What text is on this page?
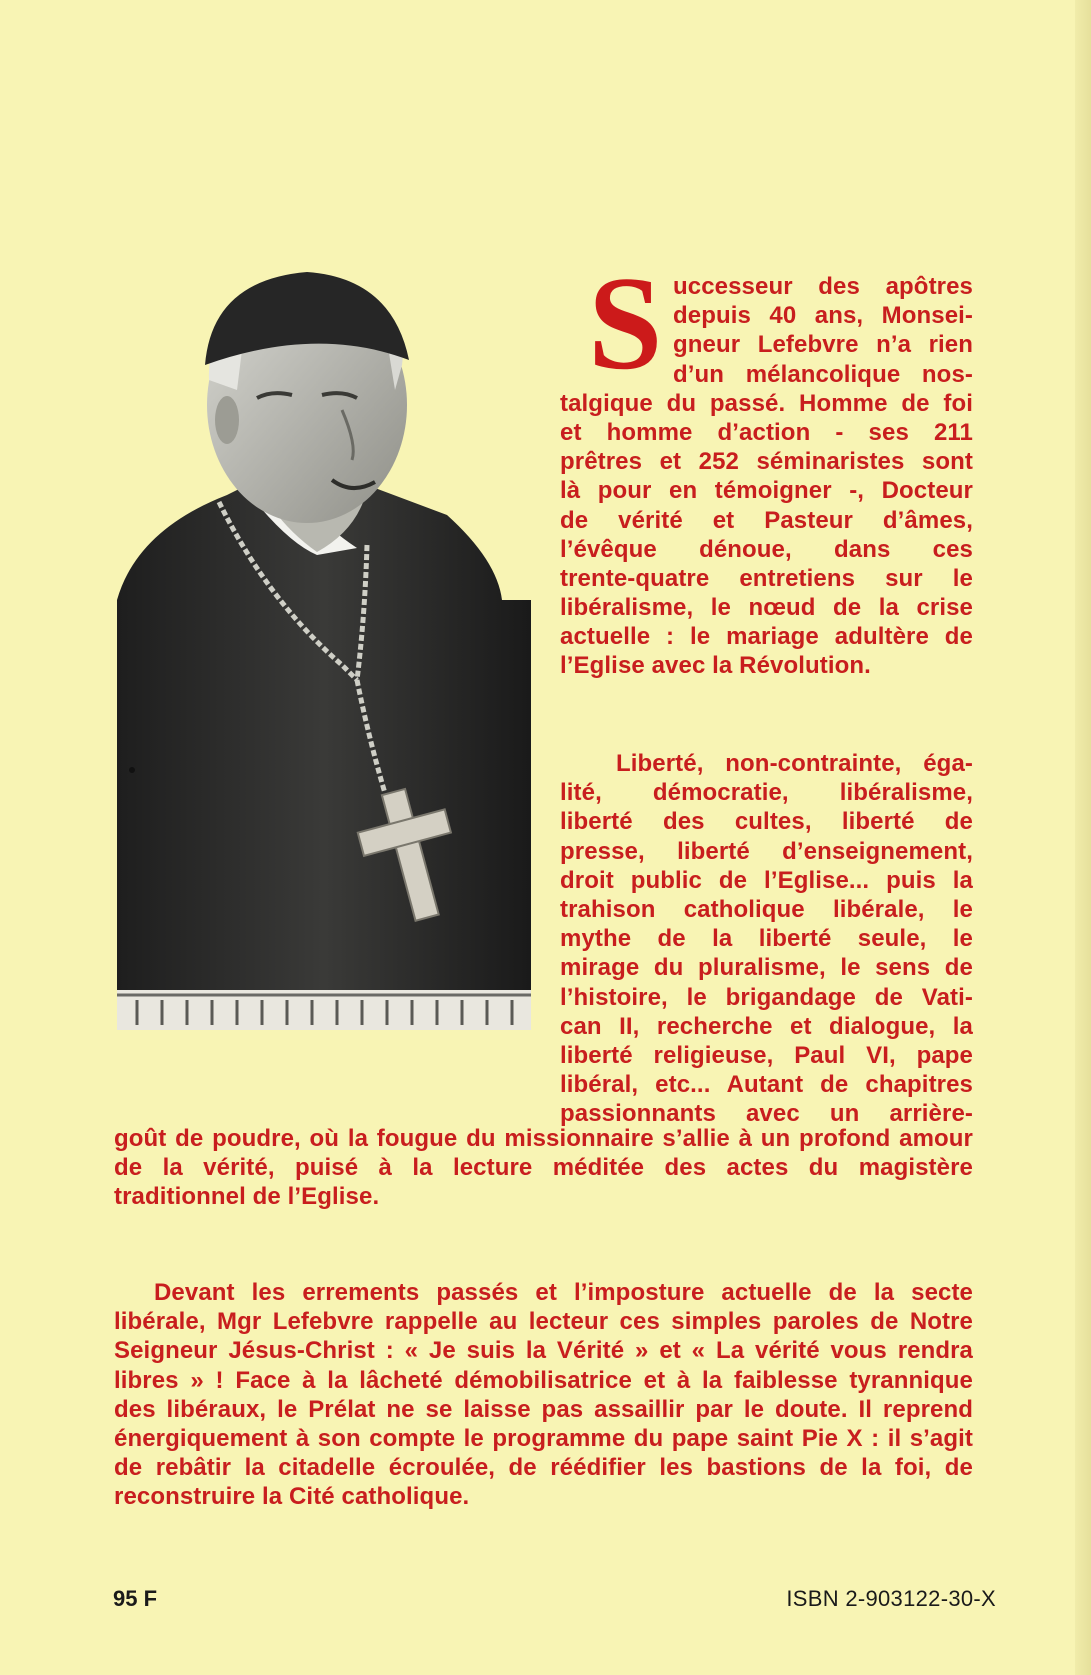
S uccesseur des apôtres
depuis 40 ans, Monsei-
gneur Lefebvre n’a rien
d’un mélancolique nos-
talgique du passé. Homme de foi
et homme d’action - ses 211
prêtres et 252 séminaristes sont
là pour en témoigner -, Docteur
de vérité et Pasteur d’âmes,
l’évêque dénoue, dans ces
trente-quatre entretiens sur le
libéralisme, le nœud de la crise
actuelle : le mariage adultère de
l’Eglise avec la Révolution.
Liberté, non-contrainte, éga-
lité, démocratie, libéralisme,
liberté des cultes, liberté de
presse, liberté d’enseignement,
droit public de l’Eglise... puis la
trahison catholique libérale, le
mythe de la liberté seule, le
mirage du pluralisme, le sens de
l’histoire, le brigandage de Vati-
can II, recherche et dialogue, la
liberté religieuse, Paul VI, pape
libéral, etc... Autant de chapitres
passionnants avec un arrière-
goût de poudre, où la fougue du missionnaire s’allie à un profond amour
de la vérité, puisé à la lecture méditée des actes du magistère
traditionnel de l’Eglise.
Devant les errements passés et l’imposture actuelle de la secte
libérale, Mgr Lefebvre rappelle au lecteur ces simples paroles de Notre
Seigneur Jésus-Christ : « Je suis la Vérité » et « La vérité vous rendra
libres » ! Face à la lâcheté démobilisatrice et à la faiblesse tyrannique
des libéraux, le Prélat ne se laisse pas assaillir par le doute. Il reprend
énergiquement à son compte le programme du pape saint Pie X : il s’agit
de rebâtir la citadelle écroulée, de réédifier les bastions de la foi, de
reconstruire la Cité catholique.
95 F	ISBN 2-903122-30-X
